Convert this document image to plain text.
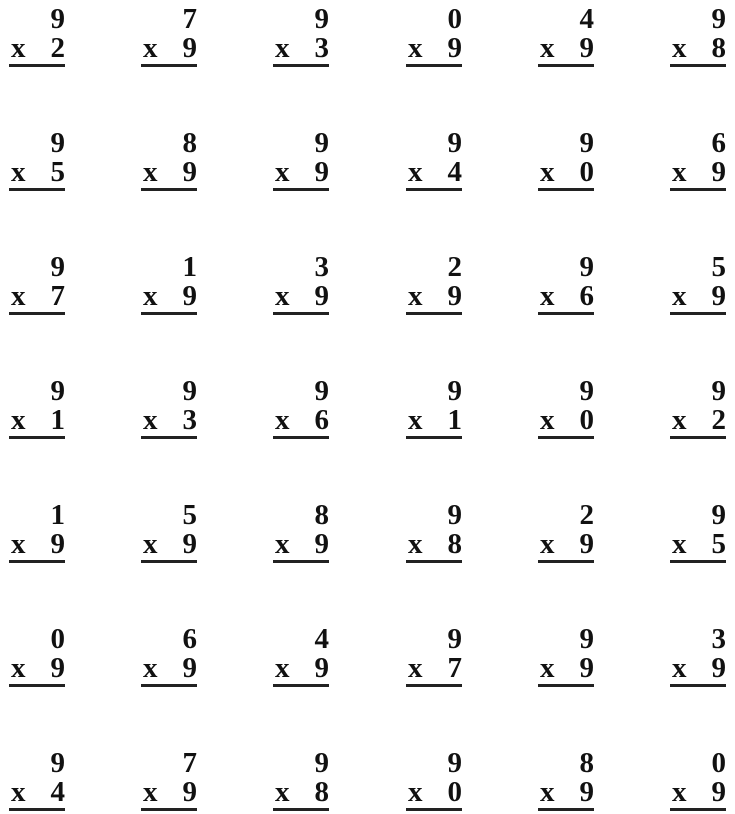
9
x 2
7
x 9
9
x 3
0
x 9
4
x 9
9
x 8
9
x 5
8
x 9
9
x 9
9
x 4
9
x 0
6
x 9
9
x 7
1
x 9
3
x 9
2
x 9
9
x 6
5
x 9
9
x 1
9
x 3
9
x 6
9
x 1
9
x 0
9
x 2
1
x 9
5
x 9
8
x 9
9
x 8
2
x 9
9
x 5
0
x 9
6
x 9
4
x 9
9
x 7
9
x 9
3
x 9
9
x 4
7
x 9
9
x 8
9
x 0
8
x 9
0
x 9
